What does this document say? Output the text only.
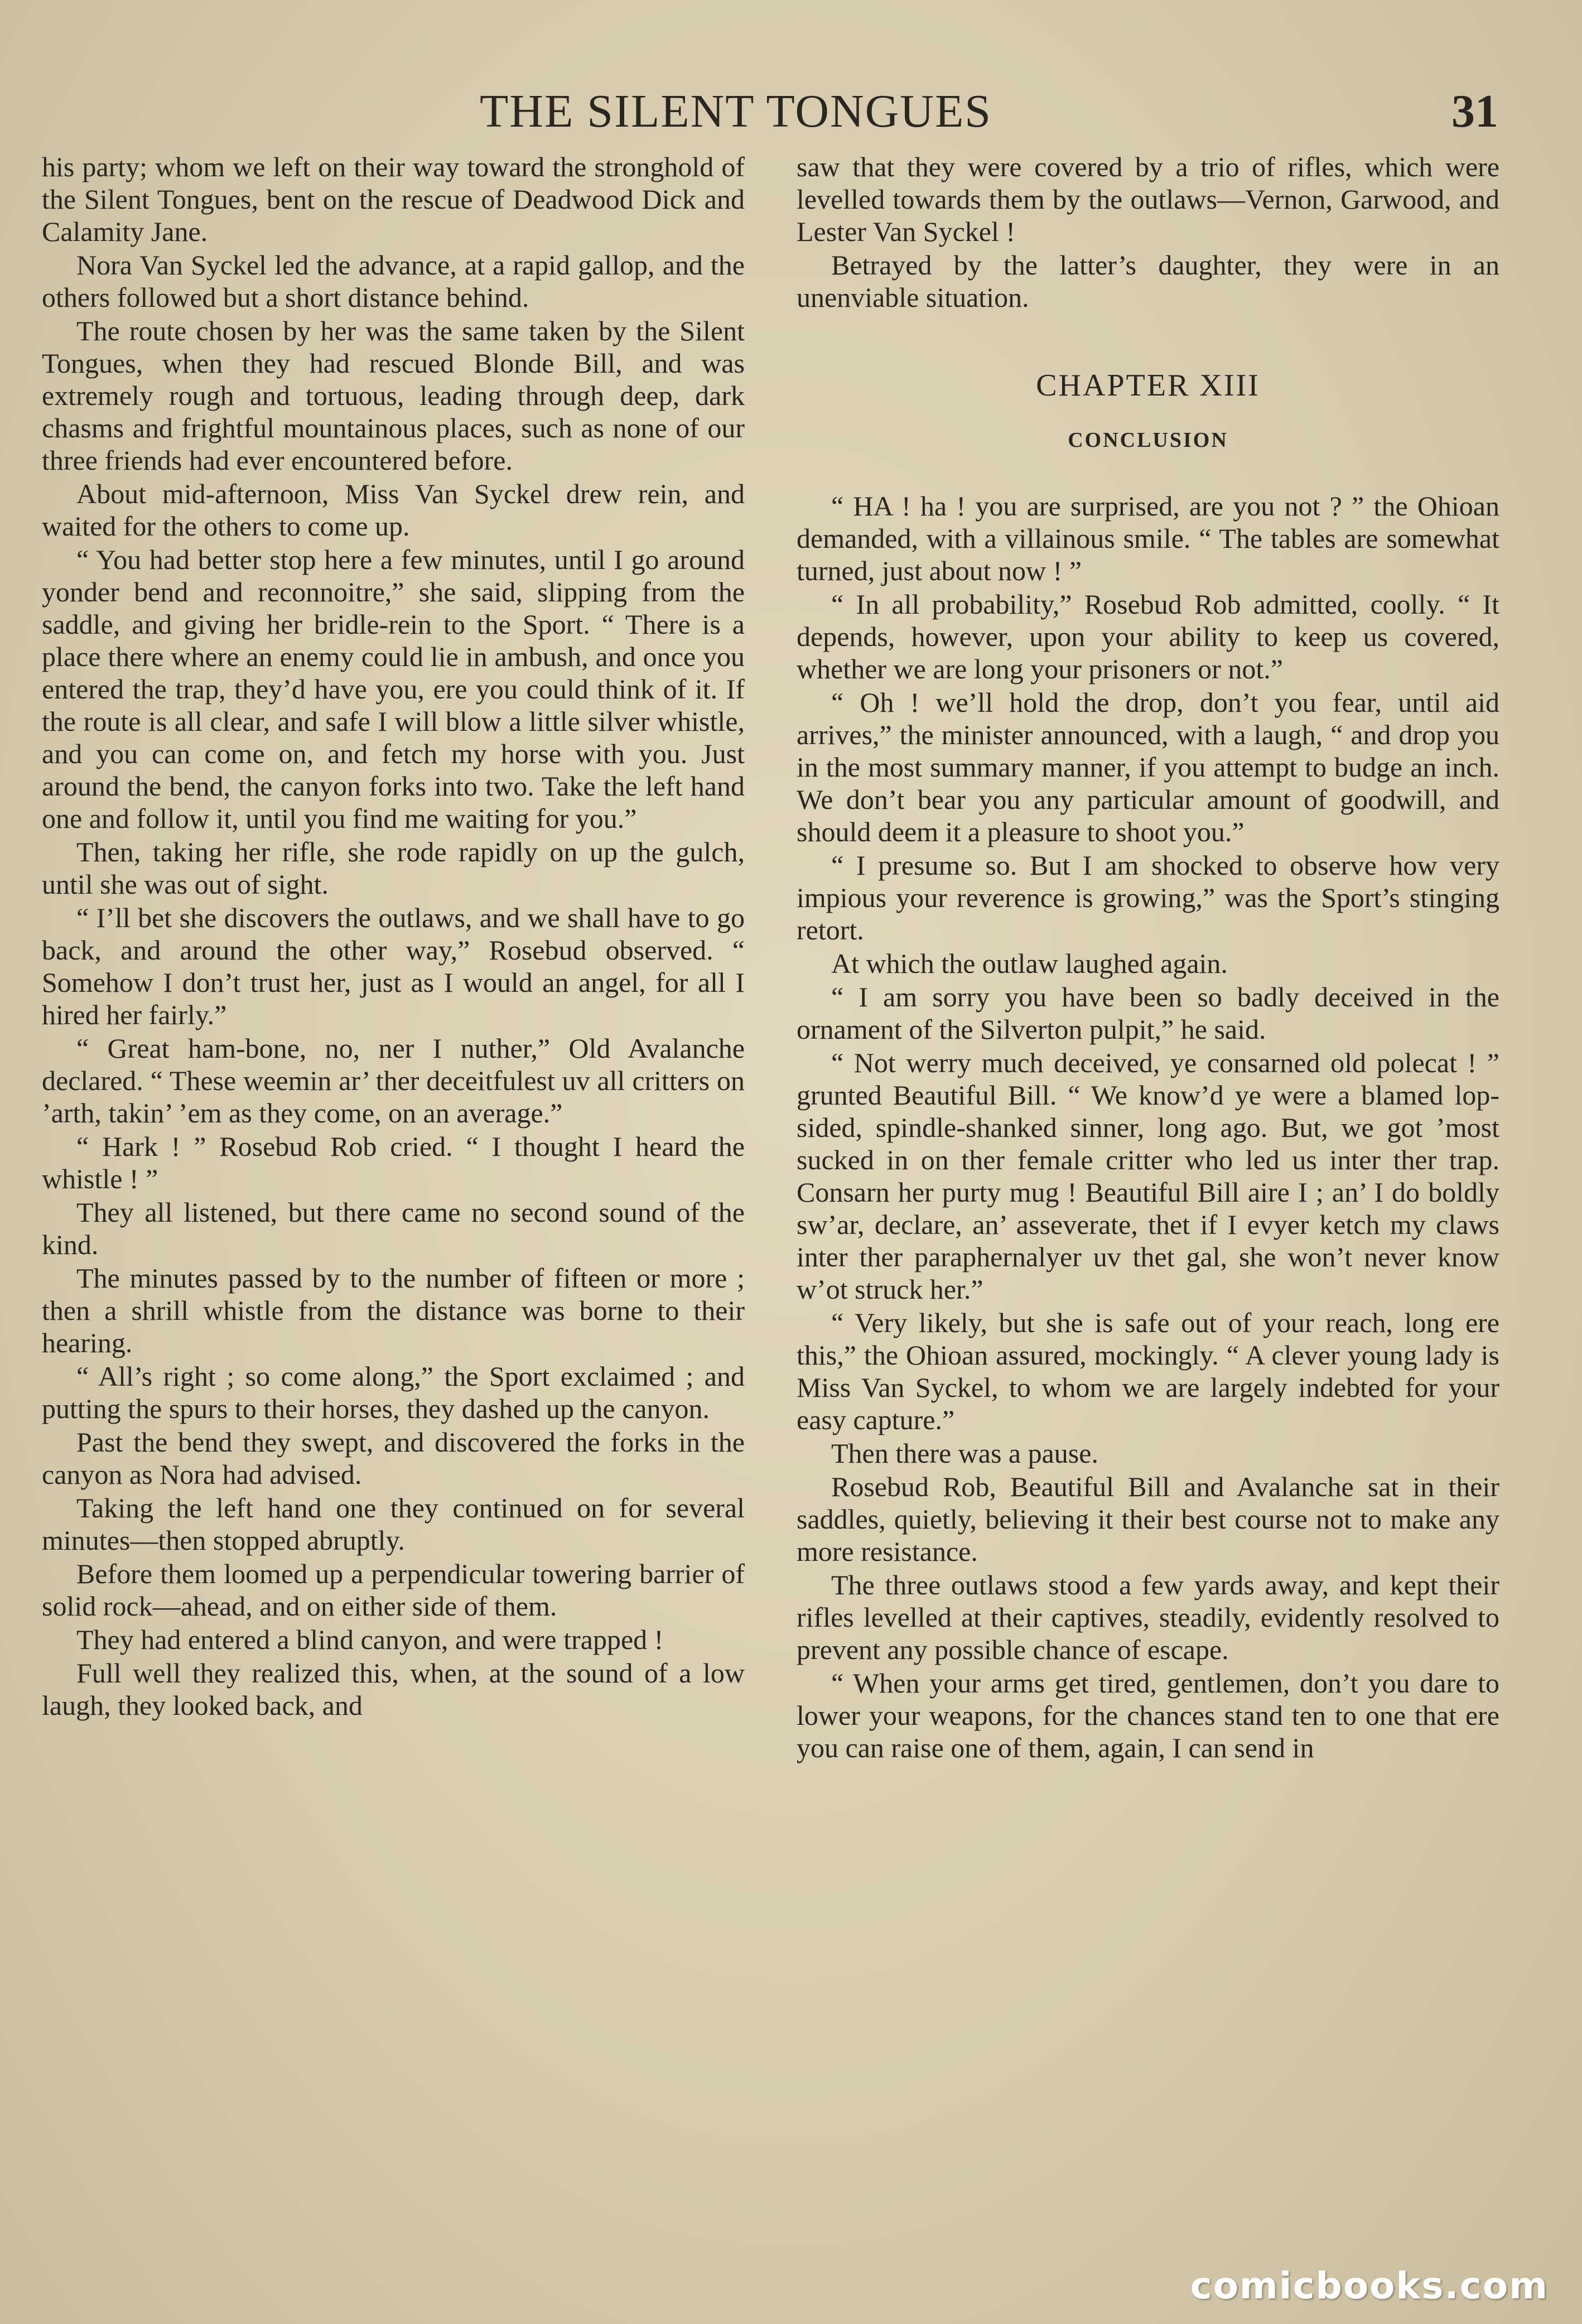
THE SILENT TONGUES	31

his party; whom we left on their way toward the stronghold of the Silent Tongues, bent on the rescue of Deadwood Dick and Calamity Jane.

Nora Van Syckel led the advance, at a rapid gallop, and the others followed but a short distance behind.

The route chosen by her was the same taken by the Silent Tongues, when they had rescued Blonde Bill, and was extremely rough and tortuous, leading through deep, dark chasms and frightful mountainous places, such as none of our three friends had ever encountered before.

About mid-afternoon, Miss Van Syckel drew rein, and waited for the others to come up.

“ You had better stop here a few minutes, until I go around yonder bend and reconnoitre,” she said, slipping from the saddle, and giving her bridle-rein to the Sport. “ There is a place there where an enemy could lie in ambush, and once you entered the trap, they’d have you, ere you could think of it. If the route is all clear, and safe I will blow a little silver whistle, and you can come on, and fetch my horse with you. Just around the bend, the canyon forks into two. Take the left hand one and follow it, until you find me waiting for you.”

Then, taking her rifle, she rode rapidly on up the gulch, until she was out of sight.

“ I’ll bet she discovers the outlaws, and we shall have to go back, and around the other way,” Rosebud observed. “ Somehow I don’t trust her, just as I would an angel, for all I hired her fairly.”

“ Great ham-bone, no, ner I nuther,” Old Avalanche declared. “ These weemin ar’ ther deceitfulest uv all critters on ’arth, takin’ ’em as they come, on an average.”

“ Hark ! ” Rosebud Rob cried. “ I thought I heard the whistle ! ”

They all listened, but there came no second sound of the kind.

The minutes passed by to the number of fifteen or more ; then a shrill whistle from the distance was borne to their hearing.

“ All’s right ; so come along,” the Sport exclaimed ; and putting the spurs to their horses, they dashed up the canyon.

Past the bend they swept, and discovered the forks in the canyon as Nora had advised.

Taking the left hand one they continued on for several minutes—then stopped abruptly.

Before them loomed up a perpendicular towering barrier of solid rock—ahead, and on either side of them.

They had entered a blind canyon, and were trapped !

Full well they realized this, when, at the sound of a low laugh, they looked back, and

saw that they were covered by a trio of rifles, which were levelled towards them by the outlaws—Vernon, Garwood, and Lester Van Syckel !

Betrayed by the latter’s daughter, they were in an unenviable situation.

CHAPTER XIII
CONCLUSION

“ HA ! ha ! you are surprised, are you not ? ” the Ohioan demanded, with a villainous smile. “ The tables are somewhat turned, just about now ! ”

“ In all probability,” Rosebud Rob admitted, coolly. “ It depends, however, upon your ability to keep us covered, whether we are long your prisoners or not.”

“ Oh ! we’ll hold the drop, don’t you fear, until aid arrives,” the minister announced, with a laugh, “ and drop you in the most summary manner, if you attempt to budge an inch. We don’t bear you any particular amount of goodwill, and should deem it a pleasure to shoot you.”

“ I presume so. But I am shocked to observe how very impious your reverence is growing,” was the Sport’s stinging retort.

At which the outlaw laughed again.

“ I am sorry you have been so badly deceived in the ornament of the Silverton pulpit,” he said.

“ Not werry much deceived, ye consarned old polecat ! ” grunted Beautiful Bill. “ We know’d ye were a blamed lop-sided, spindle-shanked sinner, long ago. But, we got ’most sucked in on ther female critter who led us inter ther trap. Consarn her purty mug ! Beautiful Bill aire I ; an’ I do boldly sw’ar, declare, an’ asseverate, thet if I evyer ketch my claws inter ther paraphernalyer uv thet gal, she won’t never know w’ot struck her.”

“ Very likely, but she is safe out of your reach, long ere this,” the Ohioan assured, mockingly. “ A clever young lady is Miss Van Syckel, to whom we are largely indebted for your easy capture.”

Then there was a pause.

Rosebud Rob, Beautiful Bill and Avalanche sat in their saddles, quietly, believing it their best course not to make any more resistance.

The three outlaws stood a few yards away, and kept their rifles levelled at their captives, steadily, evidently resolved to prevent any possible chance of escape.

“ When your arms get tired, gentlemen, don’t you dare to lower your weapons, for the chances stand ten to one that ere you can raise one of them, again, I can send in

comicbooks.com
